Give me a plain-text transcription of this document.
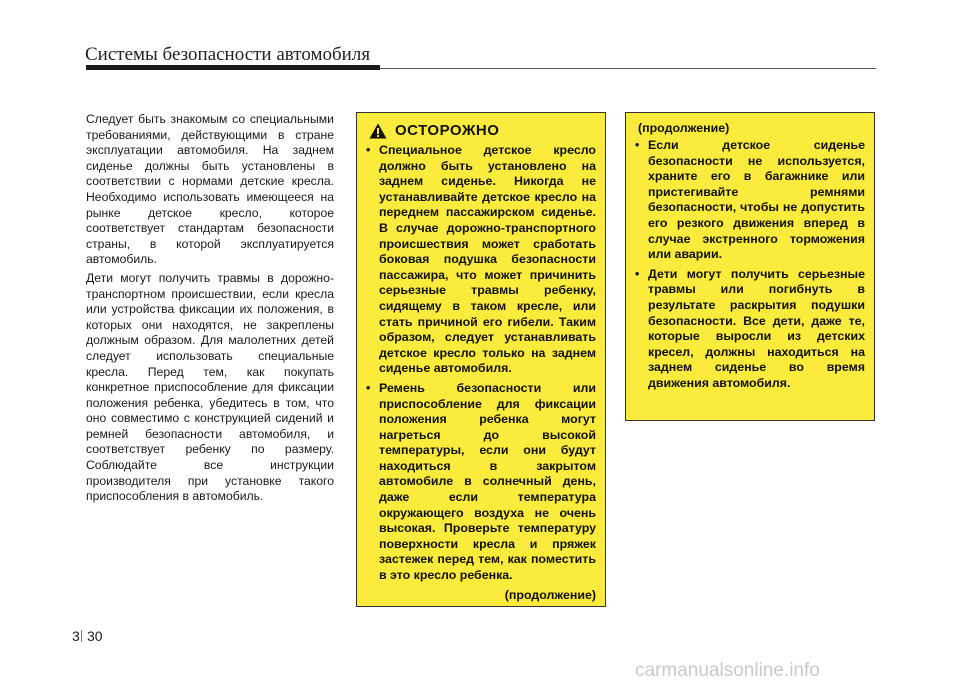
Системы безопасности автомобиля

Следует быть знакомым со специальными требованиями, действующими в стране эксплуатации автомобиля. На заднем сиденье должны быть установлены в соответствии с нормами детские кресла. Необходимо использовать имеющееся на рынке детское кресло, которое соответствует стандартам безопасности страны, в которой эксплуатируется автомобиль.

Дети могут получить травмы в дорожно-транспортном происшествии, если кресла или устройства фиксации их положения, в которых они находятся, не закреплены должным образом. Для малолетних детей следует использовать специальные кресла. Перед тем, как покупать конкретное приспособление для фиксации положения ребенка, убедитесь в том, что оно совместимо с конструкцией сидений и ремней безопасности автомобиля, и соответствует ребенку по размеру. Соблюдайте все инструкции производителя при установке такого приспособления в автомобиль.

ОСТОРОЖНО
• Специальное детское кресло должно быть установлено на заднем сиденье. Никогда не устанавливайте детское кресло на переднем пассажирском сиденье. В случае дорожно-транспортного происшествия может сработать боковая подушка безопасности пассажира, что может причинить серьезные травмы ребенку, сидящему в таком кресле, или стать причиной его гибели. Таким образом, следует устанавливать детское кресло только на заднем сиденье автомобиля.
• Ремень безопасности или приспособление для фиксации положения ребенка могут нагреться до высокой температуры, если они будут находиться в закрытом автомобиле в солнечный день, даже если температура окружающего воздуха не очень высокая. Проверьте температуру поверхности кресла и пряжек застежек перед тем, как поместить в это кресло ребенка.
(продолжение)
(продолжение)
• Если детское сиденье безопасности не используется, храните его в багажнике или пристегивайте ремнями безопасности, чтобы не допустить его резкого движения вперед в случае экстренного торможения или аварии.
• Дети могут получить серьезные травмы или погибнуть в результате раскрытия подушки безопасности. Все дети, даже те, которые выросли из детских кресел, должны находиться на заднем сиденье во время движения автомобиля.
3 30
carmanualsonline.info
